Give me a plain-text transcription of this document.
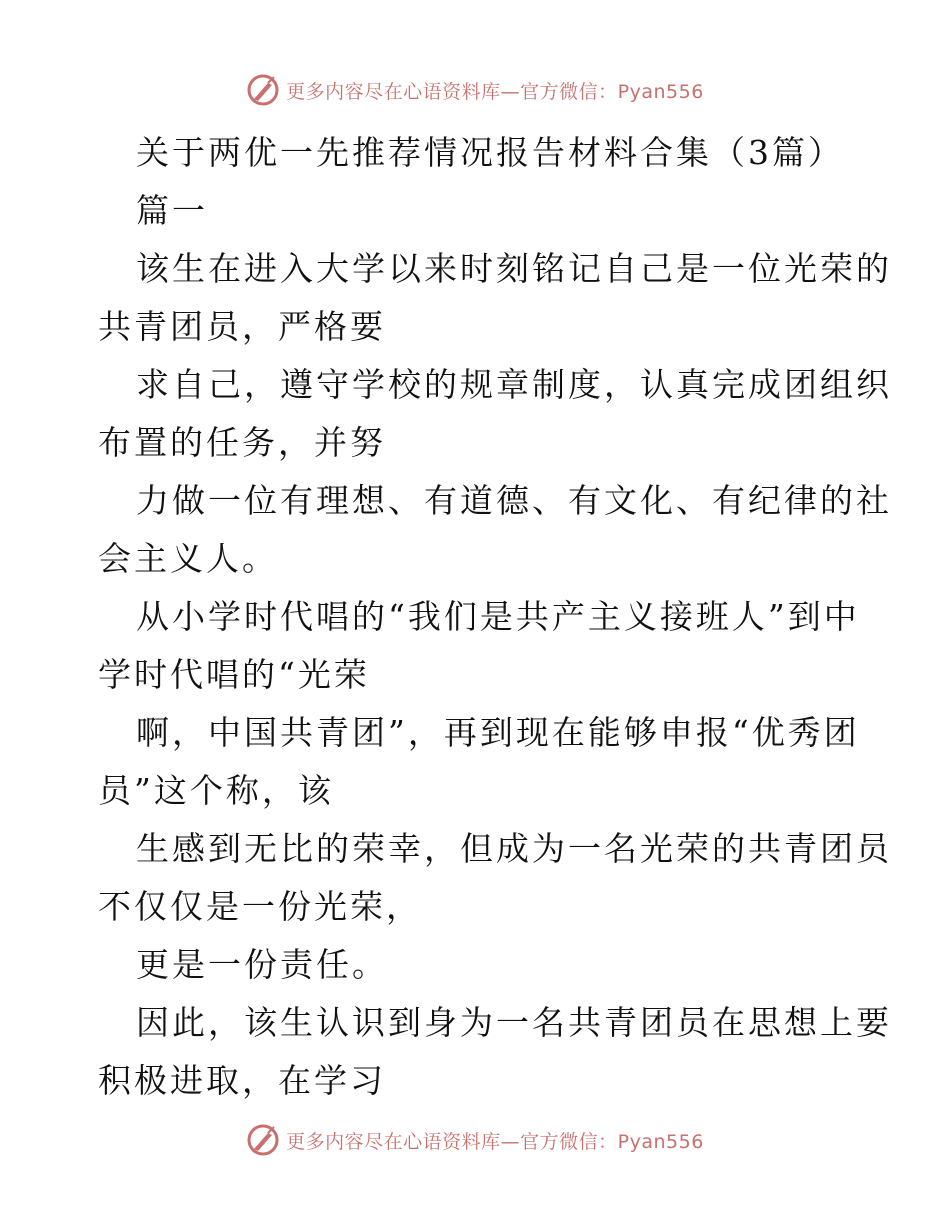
更多内容尽在心语资料库—官方微信：Pyan556
关于两优一先推荐情况报告材料合集（3篇）
篇一
该生在进入大学以来时刻铭记自己是一位光荣的
共青团员，严格要
求自己，遵守学校的规章制度，认真完成团组织
布置的任务，并努
力做一位有理想、有道德、有文化、有纪律的社
会主义人。
从小学时代唱的“我们是共产主义接班人”到中
学时代唱的“光荣
啊，中国共青团”，再到现在能够申报“优秀团
员”这个称，该
生感到无比的荣幸，但成为一名光荣的共青团员
不仅仅是一份光荣，
更是一份责任。
因此，该生认识到身为一名共青团员在思想上要
积极进取，在学习
更多内容尽在心语资料库—官方微信：Pyan556
